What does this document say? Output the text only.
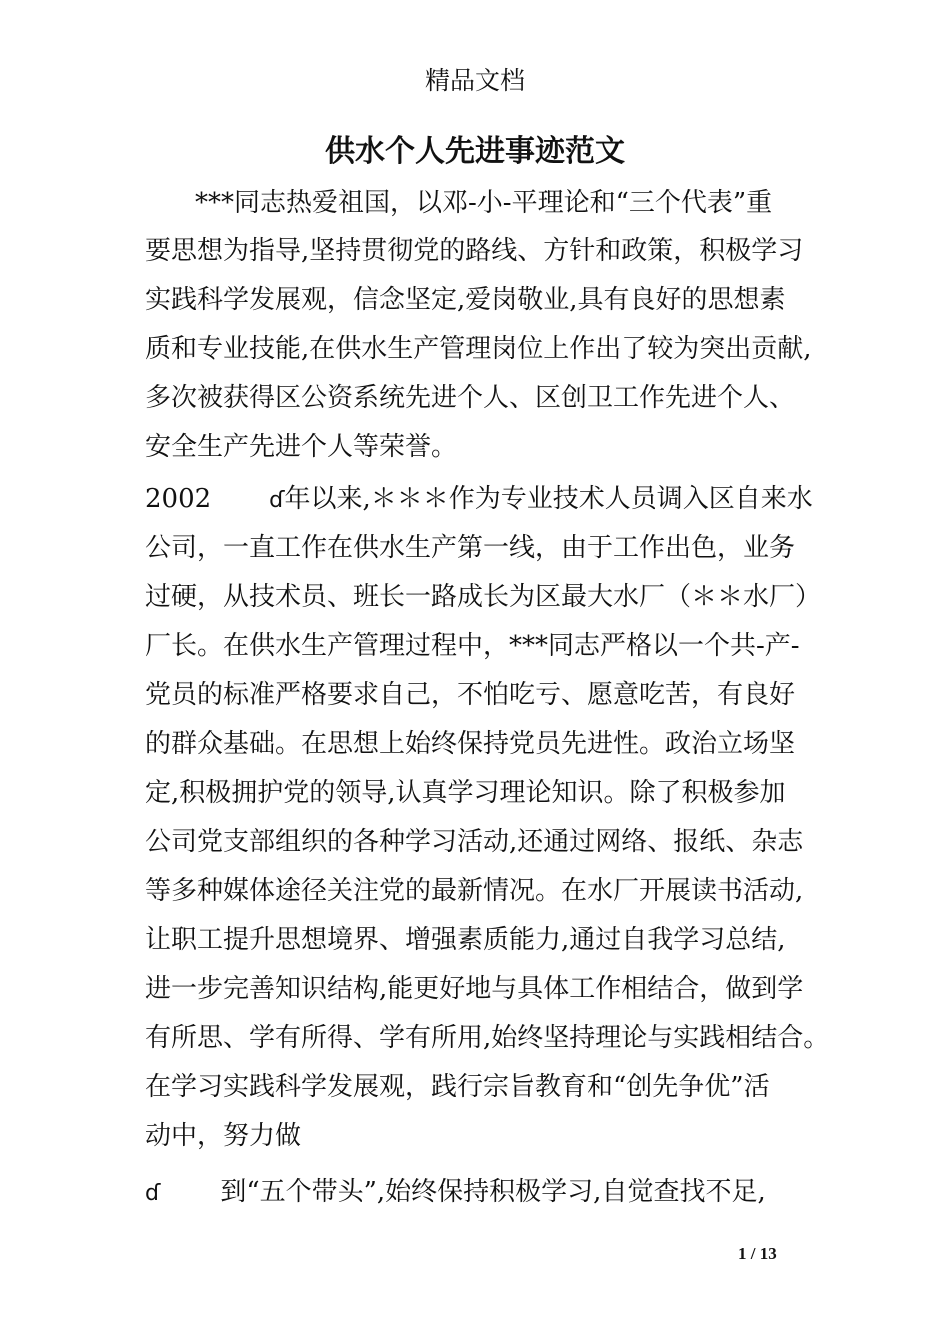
精品文档
供水个人先进事迹范文
***同志热爱祖国，以邓-小-平理论和“三个代表”重
要思想为指导,坚持贯彻党的路线、方针和政策，积极学习
实践科学发展观，信念坚定,爱岗敬业,具有良好的思想素
质和专业技能,在供水生产管理岗位上作出了较为突出贡献,
多次被获得区公资系统先进个人、区创卫工作先进个人、
安全生产先进个人等荣誉。
2002	ɗ年以来,＊＊＊作为专业技术人员调入区自来水
公司，一直工作在供水生产第一线，由于工作出色，业务
过硬，从技术员、班长一路成长为区最大水厂（＊＊水厂）
厂长。在供水生产管理过程中，***同志严格以一个共-产-
党员的标准严格要求自己，不怕吃亏、愿意吃苦，有良好
的群众基础。在思想上始终保持党员先进性。政治立场坚
定,积极拥护党的领导,认真学习理论知识。除了积极参加
公司党支部组织的各种学习活动,还通过网络、报纸、杂志
等多种媒体途径关注党的最新情况。在水厂开展读书活动,
让职工提升思想境界、增强素质能力,通过自我学习总结,
进一步完善知识结构,能更好地与具体工作相结合，做到学
有所思、学有所得、学有所用,始终坚持理论与实践相结合。
在学习实践科学发展观，践行宗旨教育和“创先争优”活
动中，努力做
ɗ 到“五个带头”,始终保持积极学习,自觉查找不足,
1 / 13
